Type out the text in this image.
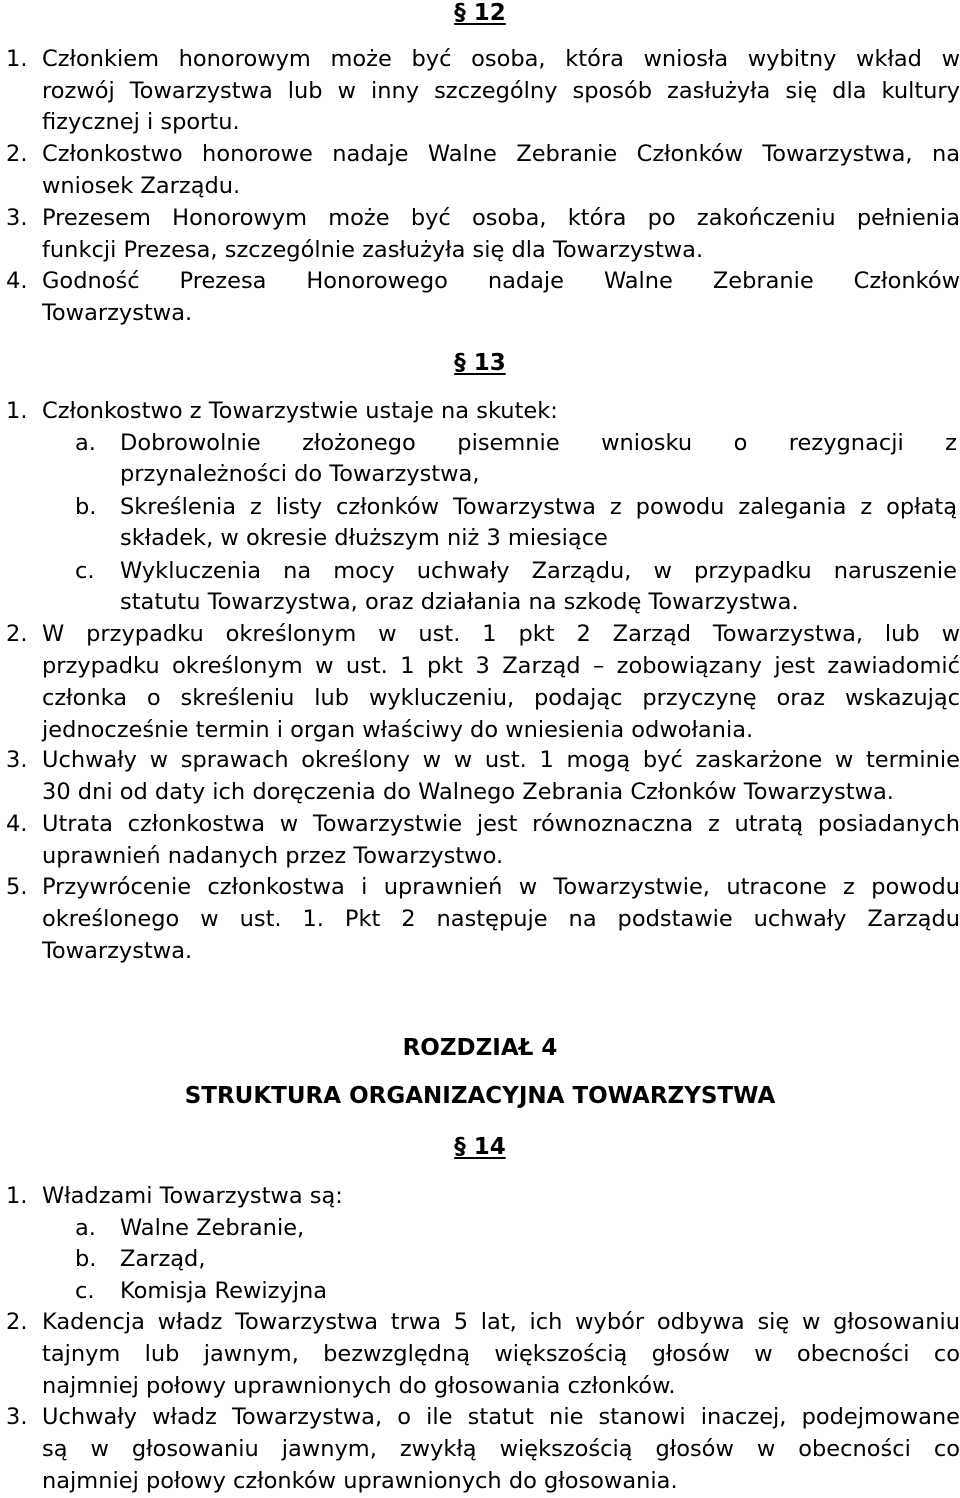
§ 12
1. Członkiem honorowym może być osoba, która wniosła wybitny wkład w
rozwój Towarzystwa lub w inny szczególny sposób zasłużyła się dla kultury
fizycznej i sportu.
2. Członkostwo honorowe nadaje Walne Zebranie Członków Towarzystwa, na
wniosek Zarządu.
3. Prezesem Honorowym może być osoba, która po zakończeniu pełnienia
funkcji Prezesa, szczególnie zasłużyła się dla Towarzystwa.
4. Godność Prezesa Honorowego nadaje Walne Zebranie Członków
Towarzystwa.
§ 13
1. Członkostwo z Towarzystwie ustaje na skutek:
a. Dobrowolnie złożonego pisemnie wniosku o rezygnacji z
przynależności do Towarzystwa,
b. Skreślenia z listy członków Towarzystwa z powodu zalegania z opłatą
składek, w okresie dłuższym niż 3 miesiące
c. Wykluczenia na mocy uchwały Zarządu, w przypadku naruszenie
statutu Towarzystwa, oraz działania na szkodę Towarzystwa.
2. W przypadku określonym w ust. 1 pkt 2 Zarząd Towarzystwa, lub w
przypadku określonym w ust. 1 pkt 3 Zarząd – zobowiązany jest zawiadomić
członka o skreśleniu lub wykluczeniu, podając przyczynę oraz wskazując
jednocześnie termin i organ właściwy do wniesienia odwołania.
3. Uchwały w sprawach określony w w ust. 1 mogą być zaskarżone w terminie
30 dni od daty ich doręczenia do Walnego Zebrania Członków Towarzystwa.
4. Utrata członkostwa w Towarzystwie jest równoznaczna z utratą posiadanych
uprawnień nadanych przez Towarzystwo.
5. Przywrócenie członkostwa i uprawnień w Towarzystwie, utracone z powodu
określonego w ust. 1. Pkt 2 następuje na podstawie uchwały Zarządu
Towarzystwa.
ROZDZIAŁ 4
STRUKTURA ORGANIZACYJNA TOWARZYSTWA
§ 14
1. Władzami Towarzystwa są:
a. Walne Zebranie,
b. Zarząd,
c. Komisja Rewizyjna
2. Kadencja władz Towarzystwa trwa 5 lat, ich wybór odbywa się w głosowaniu
tajnym lub jawnym, bezwzględną większością głosów w obecności co
najmniej połowy uprawnionych do głosowania członków.
3. Uchwały władz Towarzystwa, o ile statut nie stanowi inaczej, podejmowane
są w głosowaniu jawnym, zwykłą większością głosów w obecności co
najmniej połowy członków uprawnionych do głosowania.
